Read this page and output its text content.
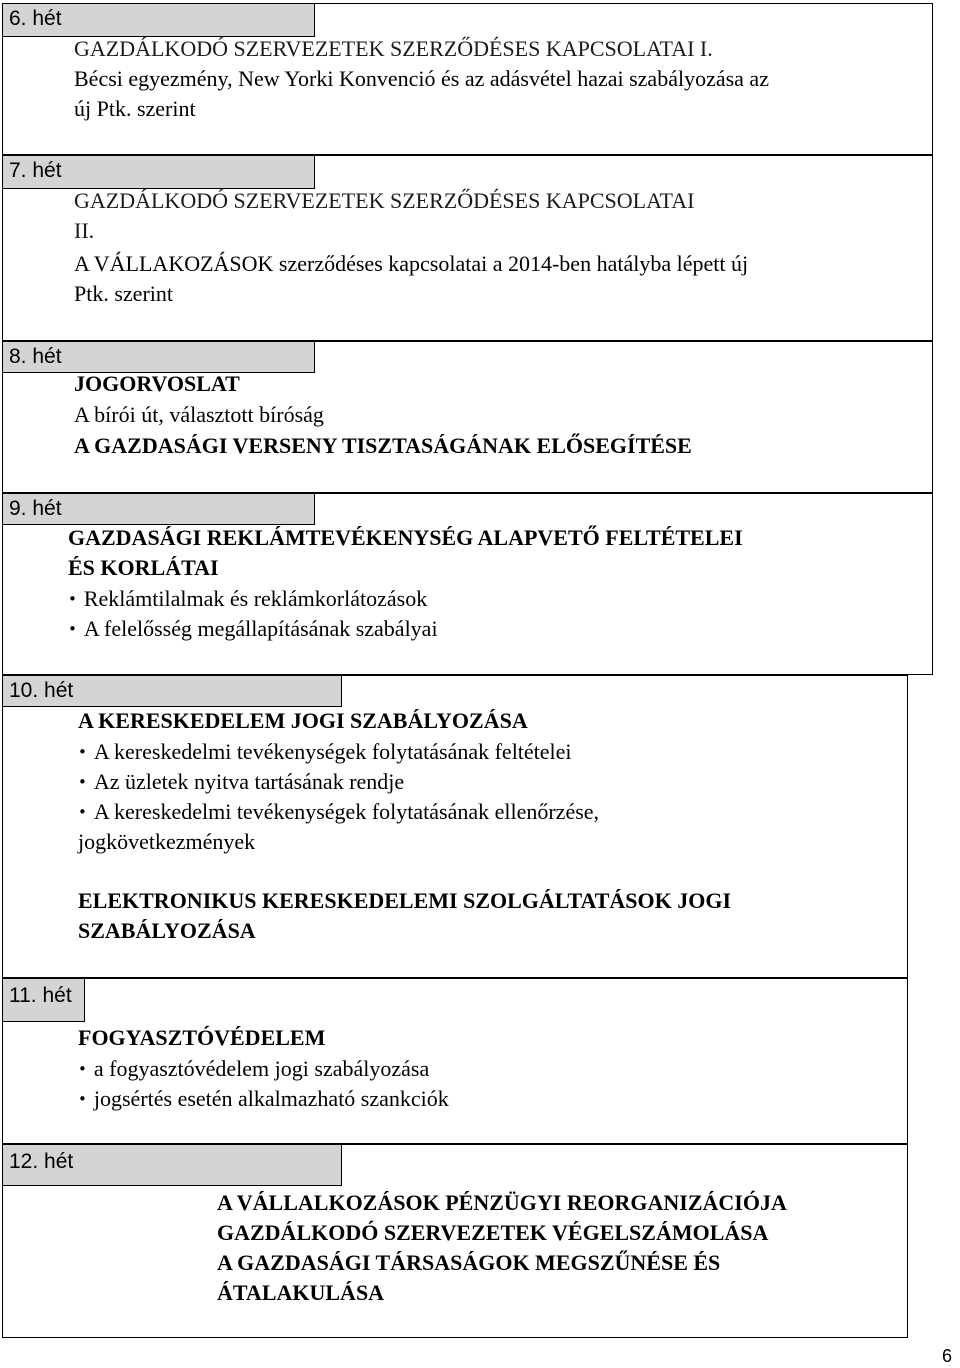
6. hét
GAZDÁLKODÓ SZERVEZETEK SZERZŐDÉSES KAPCSOLATAI I.
Bécsi egyezmény, New Yorki Konvenció és az adásvétel hazai szabályozása az
új Ptk. szerint
7. hét
GAZDÁLKODÓ SZERVEZETEK SZERZŐDÉSES KAPCSOLATAI
II.
A VÁLLAKOZÁSOK szerződéses kapcsolatai a 2014-ben hatályba lépett új
Ptk. szerint
8. hét
JOGORVOSLAT
A bírói út, választott bíróság
A GAZDASÁGI VERSENY TISZTASÁGÁNAK ELŐSEGÍTÉSE
9. hét
GAZDASÁGI REKLÁMTEVÉKENYSÉG ALAPVETŐ FELTÉTELEI
ÉS KORLÁTAI
• Reklámtilalmak és reklámkorlátozások
• A felelősség megállapításának szabályai
10. hét
A KERESKEDELEM JOGI SZABÁLYOZÁSA
• A kereskedelmi tevékenységek folytatásának feltételei
• Az üzletek nyitva tartásának rendje
• A kereskedelmi tevékenységek folytatásának ellenőrzése,
jogkövetkezmények
ELEKTRONIKUS KERESKEDELEMI SZOLGÁLTATÁSOK JOGI
SZABÁLYOZÁSA
11. hét
FOGYASZTÓVÉDELEM
• a fogyasztóvédelem jogi szabályozása
• jogsértés esetén alkalmazható szankciók
12. hét
A VÁLLALKOZÁSOK PÉNZÜGYI REORGANIZÁCIÓJA
GAZDÁLKODÓ SZERVEZETEK VÉGELSZÁMOLÁSA
A GAZDASÁGI TÁRSASÁGOK MEGSZŰNÉSE ÉS
ÁTALAKULÁSA
6
